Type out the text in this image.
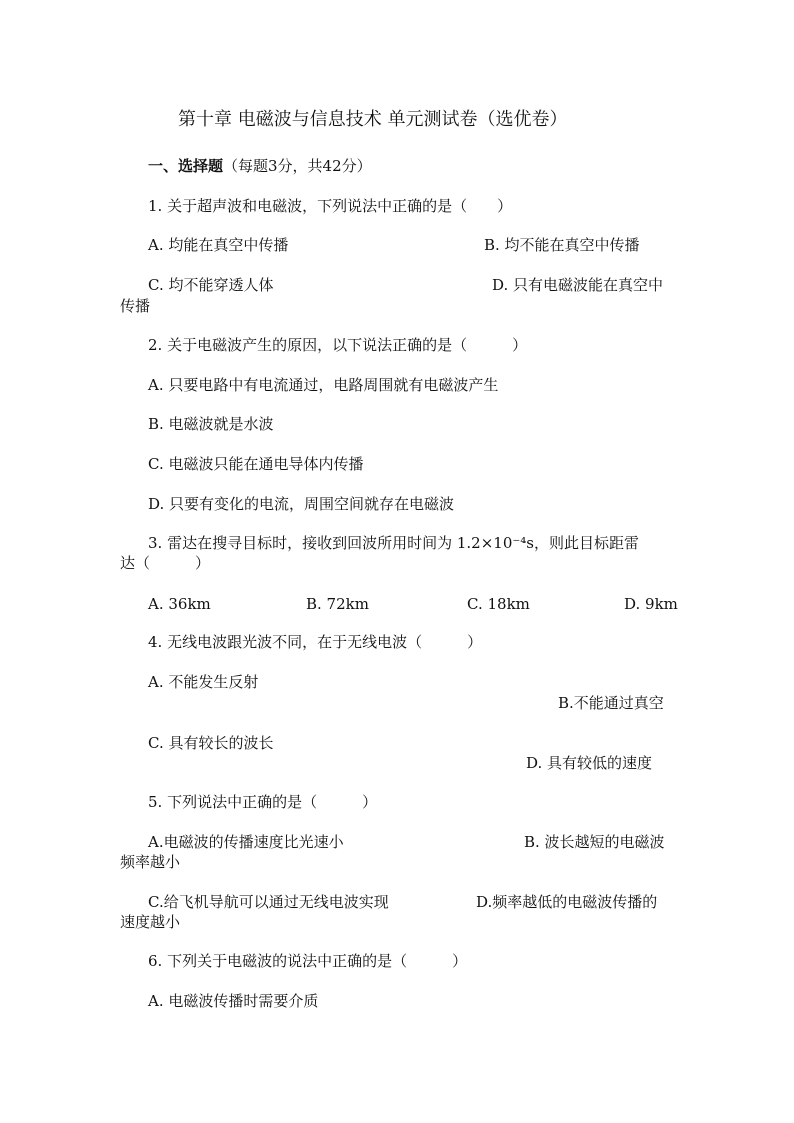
第十章 电磁波与信息技术 单元测试卷（选优卷）
一、选择题（每题3分，共42分）
1. 关于超声波和电磁波，下列说法中正确的是（　　）
A. 均能在真空中传播	B. 均不能在真空中传播
C. 均不能穿透人体	D. 只有电磁波能在真空中
传播
2. 关于电磁波产生的原因，以下说法正确的是（　　　）
A. 只要电路中有电流通过，电路周围就有电磁波产生
B. 电磁波就是水波
C. 电磁波只能在通电导体内传播
D. 只要有变化的电流，周围空间就存在电磁波
3. 雷达在搜寻目标时，接收到回波所用时间为 1.2×10⁻⁴s，则此目标距雷
达（　　　）
A. 36km	B. 72km	C. 18km	D. 9km
4. 无线电波跟光波不同，在于无线电波（　　　）
A. 不能发生反射
B.不能通过真空
C. 具有较长的波长
D. 具有较低的速度
5. 下列说法中正确的是（　　　）
A.电磁波的传播速度比光速小	B. 波长越短的电磁波
频率越小
C.给飞机导航可以通过无线电波实现	D.频率越低的电磁波传播的
速度越小
6. 下列关于电磁波的说法中正确的是（　　　）
A. 电磁波传播时需要介质
